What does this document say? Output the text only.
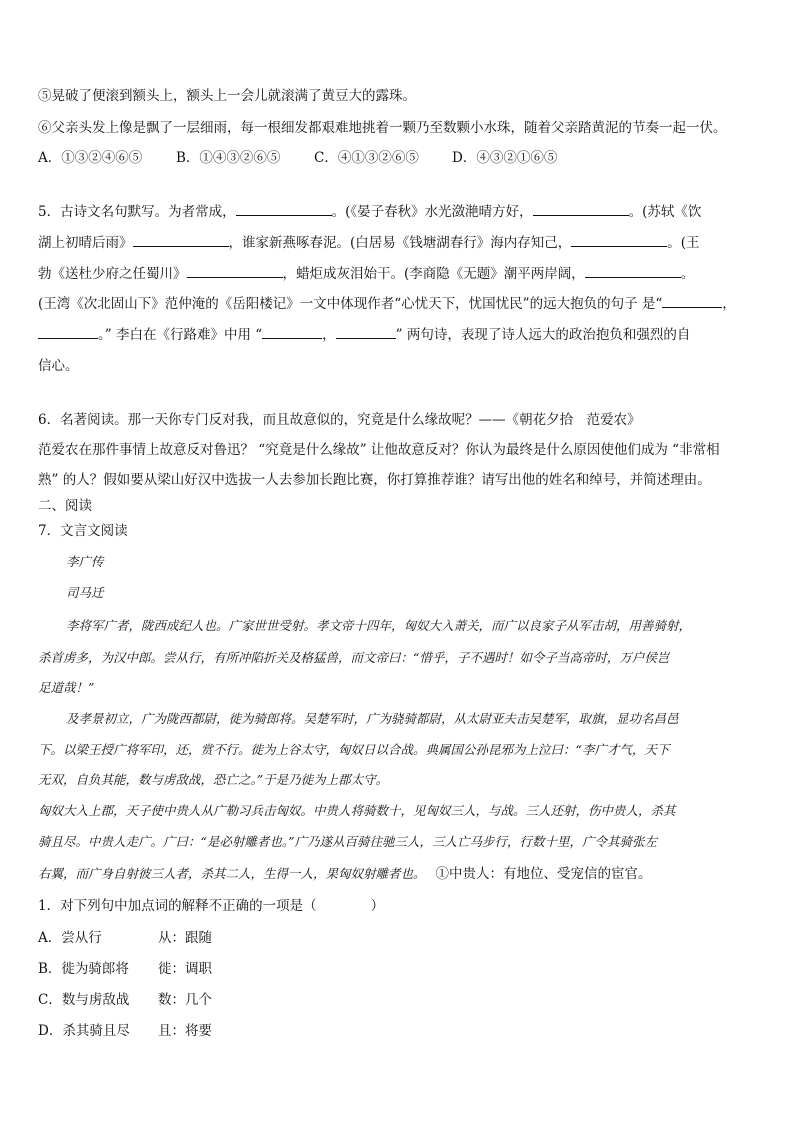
⑤晃破了便滚到额头上，额头上一会儿就滚满了黄豆大的露珠。
⑥父亲头发上像是飘了一层细雨，每一根细发都艰难地挑着一颗乃至数颗小水珠，随着父亲踏黄泥的节奏一起一伏。
A．①③②④⑥⑤	B．①④③②⑥⑤ C．④①③②⑥⑤ D．④③②①⑥⑤
5．古诗文名句默写。为者常成，	。(《晏子春秋》水光潋滟晴方好，	。(苏轼《饮
湖上初晴后雨》	，谁家新燕啄春泥。(白居易《钱塘湖春行》海内存知己，	。(王
勃《送杜少府之任蜀川》	，蜡炬成灰泪始干。(李商隐《无题》潮平两岸阔，	。
(王湾《次北固山下》范仲淹的《岳阳楼记》一文中体现作者“心忧天下，忧国忧民”的远大抱负的句子 是“	，
。” 李白在《行路难》中用 “	，	” 两句诗，表现了诗人远大的政治抱负和强烈的自
信心。
6．名著阅读。那一天你专门反对我，而且故意似的，究竟是什么缘故呢？——《朝花夕拾　范爱农》
范爱农在那件事情上故意反对鲁迅？ “究竟是什么缘故” 让他故意反对？你认为最终是什么原因使他们成为 “非常相
熟” 的人？假如要从梁山好汉中选拔一人去参加长跑比赛，你打算推荐谁？请写出他的姓名和绰号，并简述理由。
二、阅读
7．文言文阅读
李广传
司马迁
李将军广者，陇西成纪人也。广家世世受射。孝文帝十四年，匈奴大入萧关，而广以良家子从军击胡，用善骑射，
杀首虏多，为汉中郎。尝从行，有所冲陷折关及格猛兽，而文帝曰：“惜乎，子不遇时！如令子当高帝时，万户侯岂
足道哉！”
及孝景初立，广为陇西都尉，徙为骑郎将。吴楚军时，广为骁骑都尉，从太尉亚夫击吴楚军，取旗，显功名昌邑
下。以梁王授广将军印，还，赏不行。徙为上谷太守，匈奴日以合战。典属国公孙昆邪为上泣曰：“李广才气，天下
无双，自负其能，数与虏敌战，恐亡之。”于是乃徙为上郡太守。
匈奴大入上郡，天子使中贵人从广勒习兵击匈奴。中贵人将骑数十，见匈奴三人，与战。三人还射，伤中贵人，杀其
骑且尽。中贵人走广。广曰：“是必射雕者也。”广乃遂从百骑往驰三人，三人亡马步行，行数十里，广令其骑张左
右翼，而广身自射彼三人者，杀其二人，生得一人，果匈奴射雕者也。 ①中贵人：有地位、受宠信的宦官。
1．对下列句中加点词的解释不正确的一项是（　　　　）
A．尝从行	从：跟随
B．徙为骑郎将 徙：调职
C．数与虏敌战 数：几个
D．杀其骑且尽 且：将要
